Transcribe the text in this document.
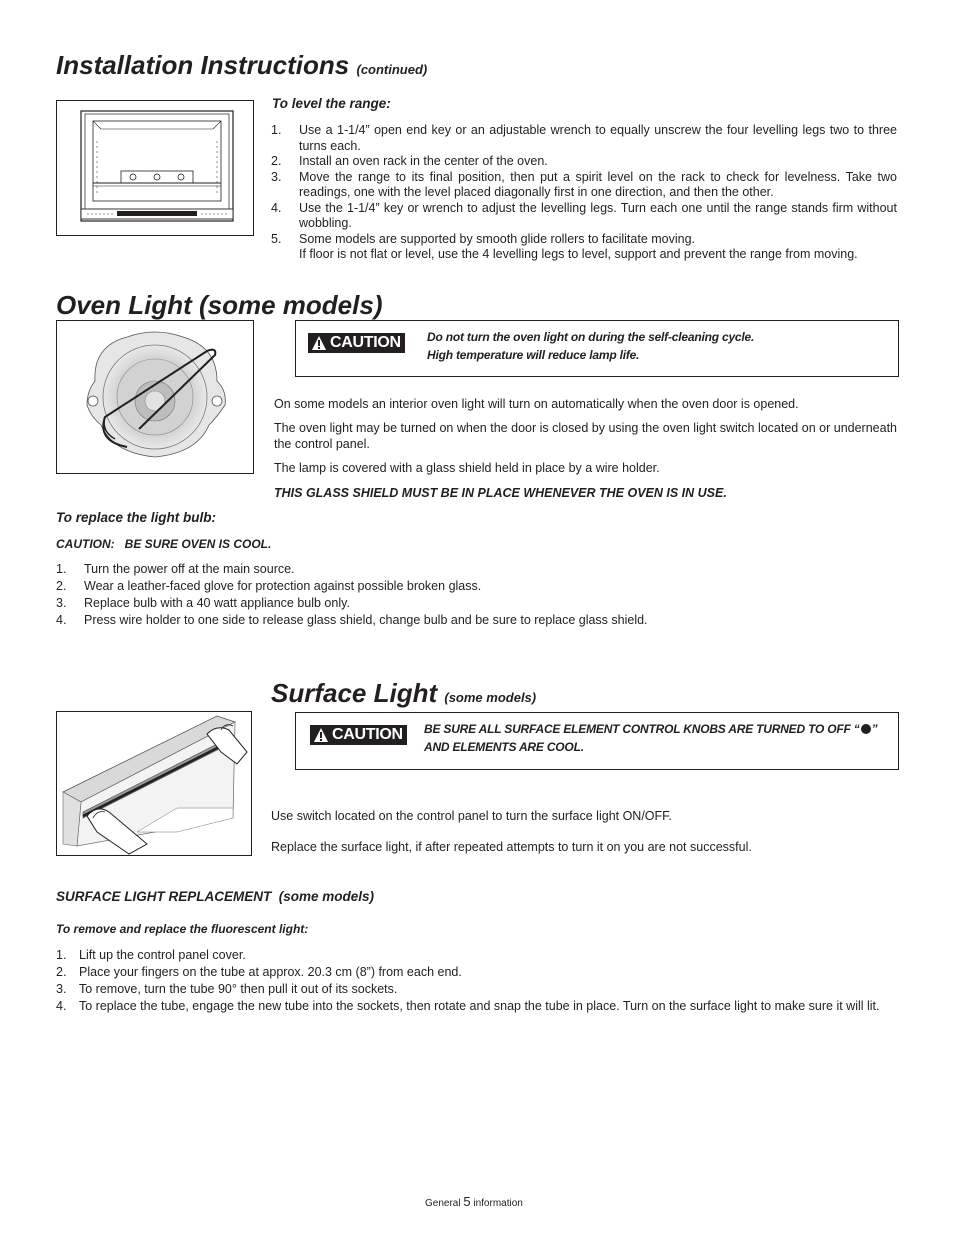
Installation Instructions (continued)
To level the range:
1. Use a 1-1/4” open end key or an adjustable wrench to equally unscrew the four levelling legs two to three turns each.
2. Install an oven rack in the center of the oven.
3. Move the range to its final position, then put a spirit level on the rack to check for levelness. Take two readings, one with the level placed diagonally first in one direction, and then the other.
4. Use the 1-1/4” key or wrench to adjust the levelling legs. Turn each one until the range stands firm without wobbling.
5. Some models are supported by smooth glide rollers to facilitate moving.
If floor is not flat or level, use the 4 levelling legs to level, support and prevent the range from moving.
Oven Light (some models)
CAUTION	Do not turn the oven light on during the self-cleaning cycle.
High temperature will reduce lamp life.
On some models an interior oven light will turn on automatically when the oven door is opened.
The oven light may be turned on when the door is closed by using the oven light switch located on or underneath the control panel.
The lamp is covered with a glass shield held in place by a wire holder.
THIS GLASS SHIELD MUST BE IN PLACE WHENEVER THE OVEN IS IN USE.
To replace the light bulb:
CAUTION:   BE SURE OVEN IS COOL.
1. Turn the power off at the main source.
2. Wear a leather-faced glove for protection against possible broken glass.
3. Replace bulb with a 40 watt appliance bulb only.
4. Press wire holder to one side to release glass shield, change bulb and be sure to replace glass shield.
Surface Light (some models)
CAUTION	BE SURE ALL SURFACE ELEMENT CONTROL KNOBS ARE TURNED TO OFF “ ”
AND ELEMENTS ARE COOL.
Use switch located on the control panel to turn the surface light ON/OFF.
Replace the surface light, if after repeated attempts to turn it on you are not successful.
SURFACE LIGHT REPLACEMENT  (some models)
To remove and replace the fluorescent light:
1. Lift up the control panel cover.
2. Place your fingers on the tube at approx. 20.3 cm (8”) from each end.
3. To remove, turn the tube 90° then pull it out of its sockets.
4. To replace the tube, engage the new tube into the sockets, then rotate and snap the tube in place. Turn on the surface light to make sure it will lit.
General 5 information
